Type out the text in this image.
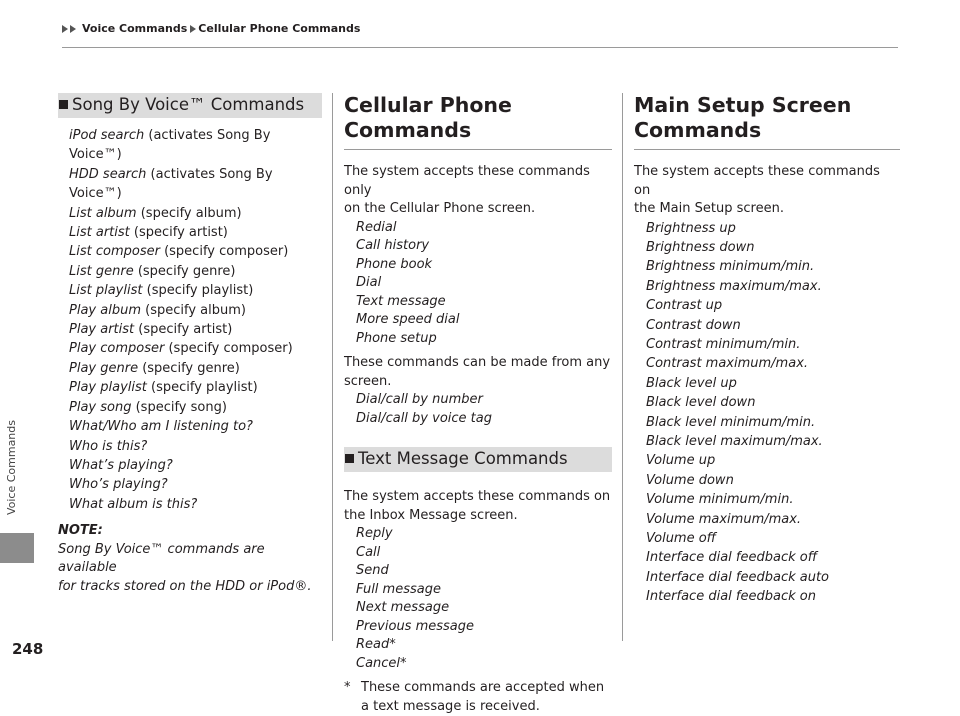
Voice Commands Cellular Phone Commands
Voice Commands
248
Song By Voice™ Commands
iPod search (activates Song By Voice™)
HDD search (activates Song By Voice™)
List album (specify album)
List artist (specify artist)
List composer (specify composer)
List genre (specify genre)
List playlist (specify playlist)
Play album (specify album)
Play artist (specify artist)
Play composer (specify composer)
Play genre (specify genre)
Play playlist (specify playlist)
Play song (specify song)
What/Who am I listening to?
Who is this?
What’s playing?
Who’s playing?
What album is this?
NOTE:
Song By Voice™ commands are available
for tracks stored on the HDD or iPod®.
Cellular Phone Commands
The system accepts these commands only
on the Cellular Phone screen.
Redial
Call history
Phone book
Dial
Text message
More speed dial
Phone setup
These commands can be made from any
screen.
Dial/call by number
Dial/call by voice tag
Text Message Commands
The system accepts these commands on
the Inbox Message screen.
Reply
Call
Send
Full message
Next message
Previous message
Read*
Cancel*
* These commands are accepted when
a text message is received.
Main Setup Screen
Commands
The system accepts these commands on
the Main Setup screen.
Brightness up
Brightness down
Brightness minimum/min.
Brightness maximum/max.
Contrast up
Contrast down
Contrast minimum/min.
Contrast maximum/max.
Black level up
Black level down
Black level minimum/min.
Black level maximum/max.
Volume up
Volume down
Volume minimum/min.
Volume maximum/max.
Volume off
Interface dial feedback off
Interface dial feedback auto
Interface dial feedback on
